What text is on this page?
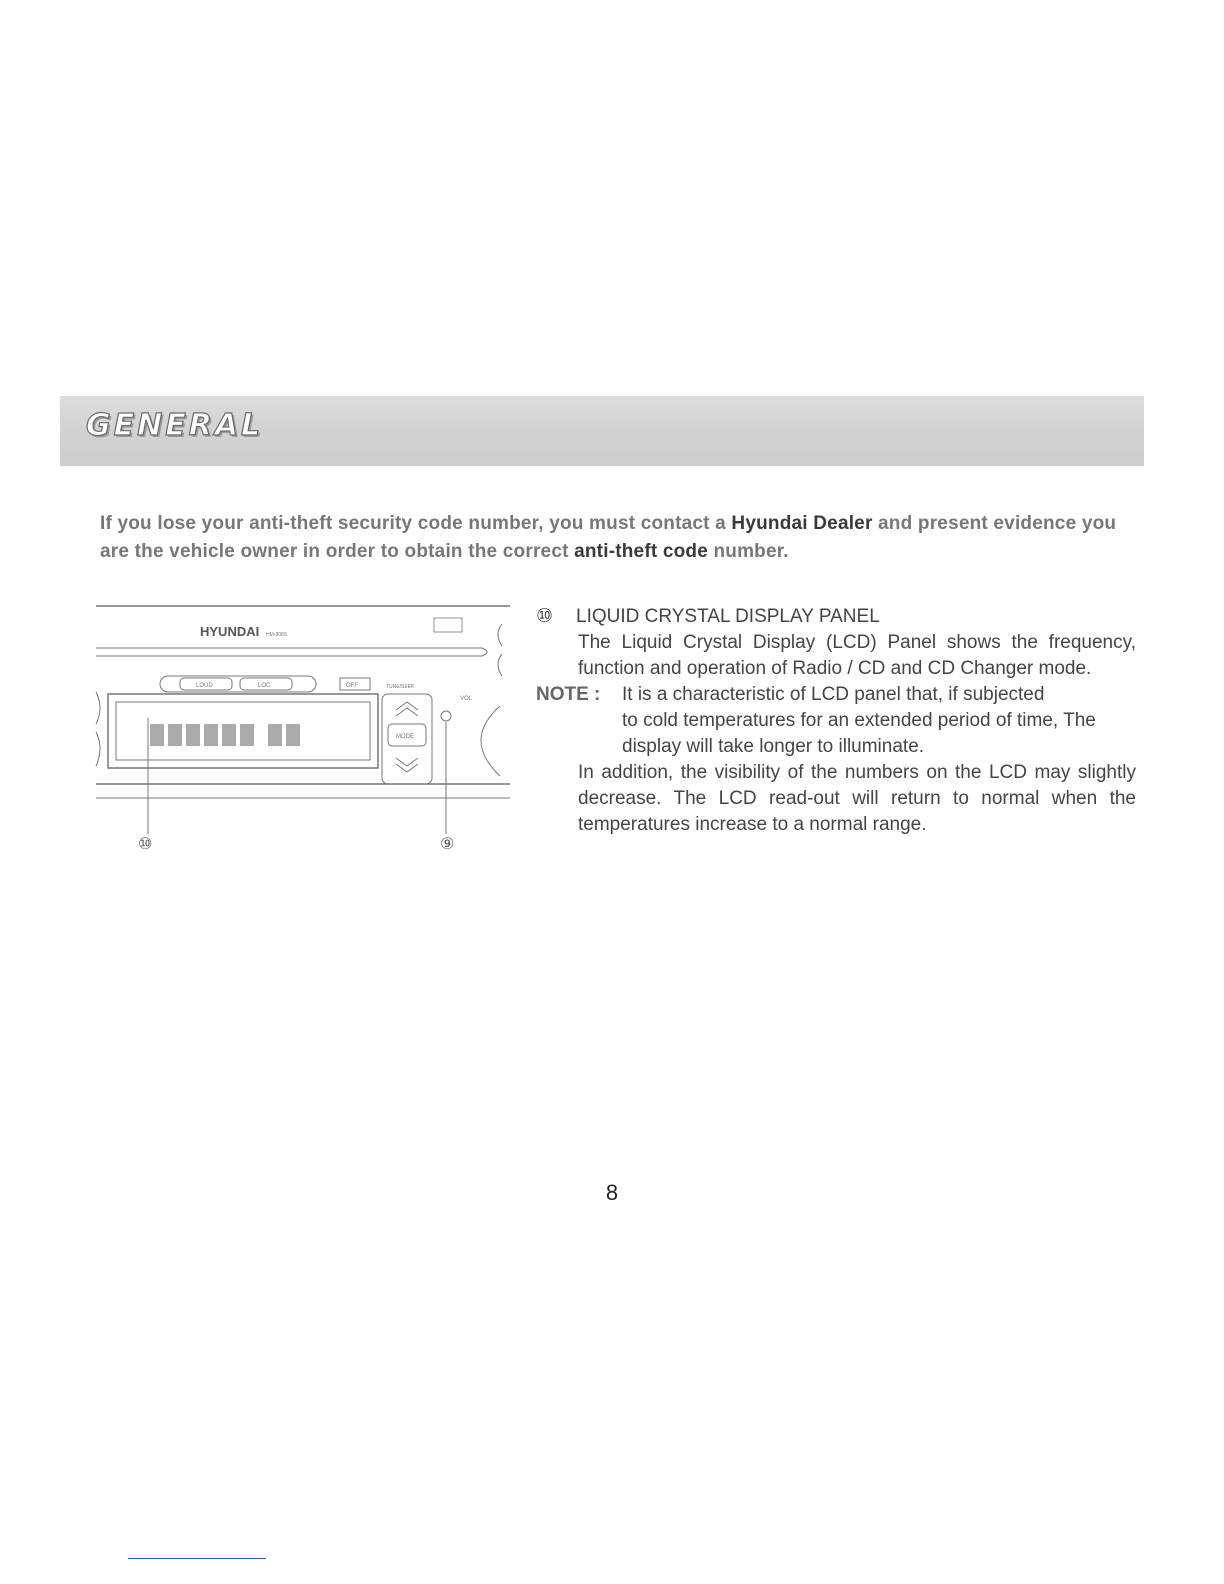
GENERAL
If you lose your anti-theft security code number, you must contact a Hyundai Dealer and present evidence you are the vehicle owner in order to obtain the correct anti-theft code number.
HYUNDAI HM-808S
LOUD	LOC	OFF
MODE
TUNE/SEEK
VOL
⑩	⑨
⑩ LIQUID CRYSTAL DISPLAY PANEL
The Liquid Crystal Display (LCD) Panel shows the frequency, function and operation of Radio / CD and CD Changer mode.
NOTE :	It is a characteristic of LCD panel that, if subjected
to cold temperatures for an extended period of time, The display will take longer to illuminate.
In addition, the visibility of the numbers on the LCD may slightly decrease. The LCD read-out will return to normal when the temperatures increase to a normal range.
8
